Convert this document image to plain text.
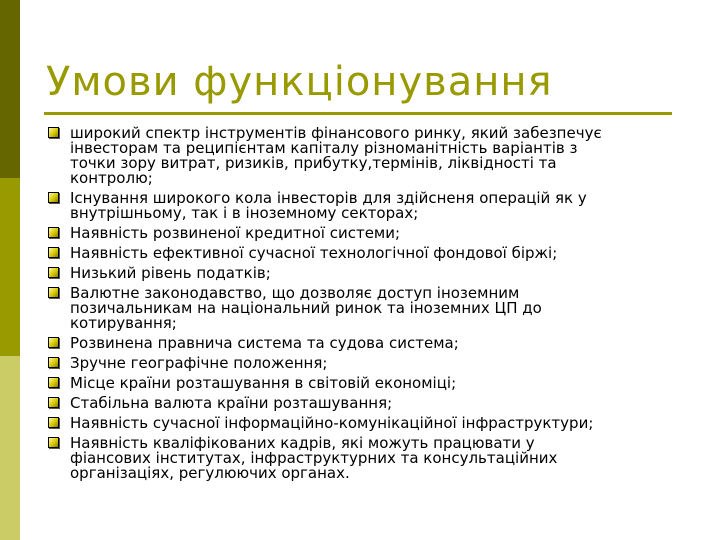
Умови функціонування
широкий спектр інструментів фінансового ринку, який забезпечує
інвесторам та реципієнтам капіталу різноманітність варіантів з
точки зору витрат, ризиків, прибутку,термінів, ліквідності та
контролю;
Існування широкого кола інвесторів для здійсненя операцій як у
внутрішньому, так і в іноземному секторах;
Наявність розвиненої кредитної системи;
Наявність ефективної сучасної технологічної фондової біржі;
Низький рівень податків;
Валютне законодавство, що дозволяє доступ іноземним
позичальникам на національний ринок та іноземних ЦП до
котирування;
Розвинена правнича система та судова система;
Зручне географічне положення;
Місце країни розташування в світовій економіці;
Стабільна валюта країни розташування;
Наявність сучасної інформаційно-комунікаційної інфраструктури;
Наявність кваліфікованих кадрів, які можуть працювати у
фіансових інститутах, інфраструктурних та консультаційних
організаціях, регулюючих органах.
